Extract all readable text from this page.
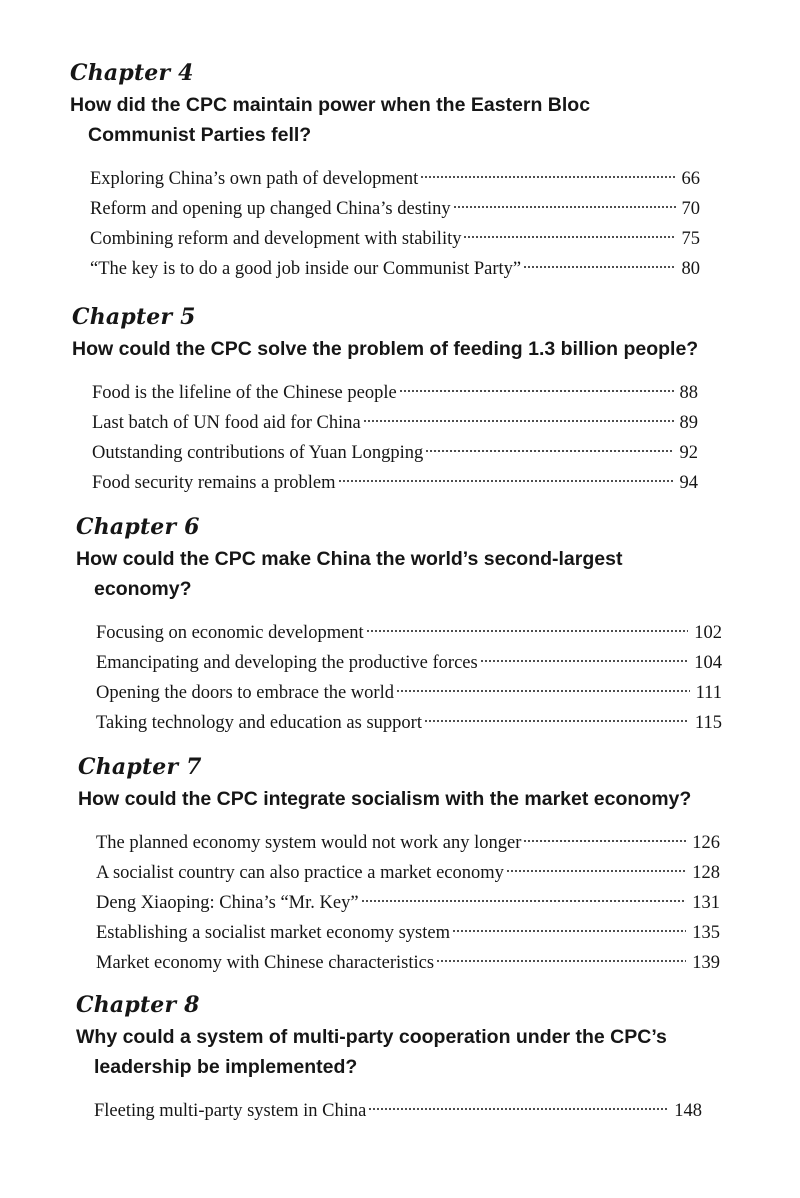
Chapter 4

How did the CPC maintain power when the Eastern Bloc
Communist Parties fell?

Exploring China’s own path of development	66
Reform and opening up changed China’s destiny	70
Combining reform and development with stability	75
“The key is to do a good job inside our Communist Party”	80
Chapter 5

How could the CPC solve the problem of feeding 1.3 billion people?

Food is the lifeline of the Chinese people	88
Last batch of UN food aid for China	89
Outstanding contributions of Yuan Longping	92
Food security remains a problem	94
Chapter 6

How could the CPC make China the world’s second-largest
economy?

Focusing on economic development	102
Emancipating and developing the productive forces	104
Opening the doors to embrace the world	111
Taking technology and education as support	115
Chapter 7

How could the CPC integrate socialism with the market economy?

The planned economy system would not work any longer	126
A socialist country can also practice a market economy	128
Deng Xiaoping: China’s “Mr. Key”	131
Establishing a socialist market economy system	135
Market economy with Chinese characteristics	139
Chapter 8

Why could a system of multi-party cooperation under the CPC’s
leadership be implemented?

Fleeting multi-party system in China	148
